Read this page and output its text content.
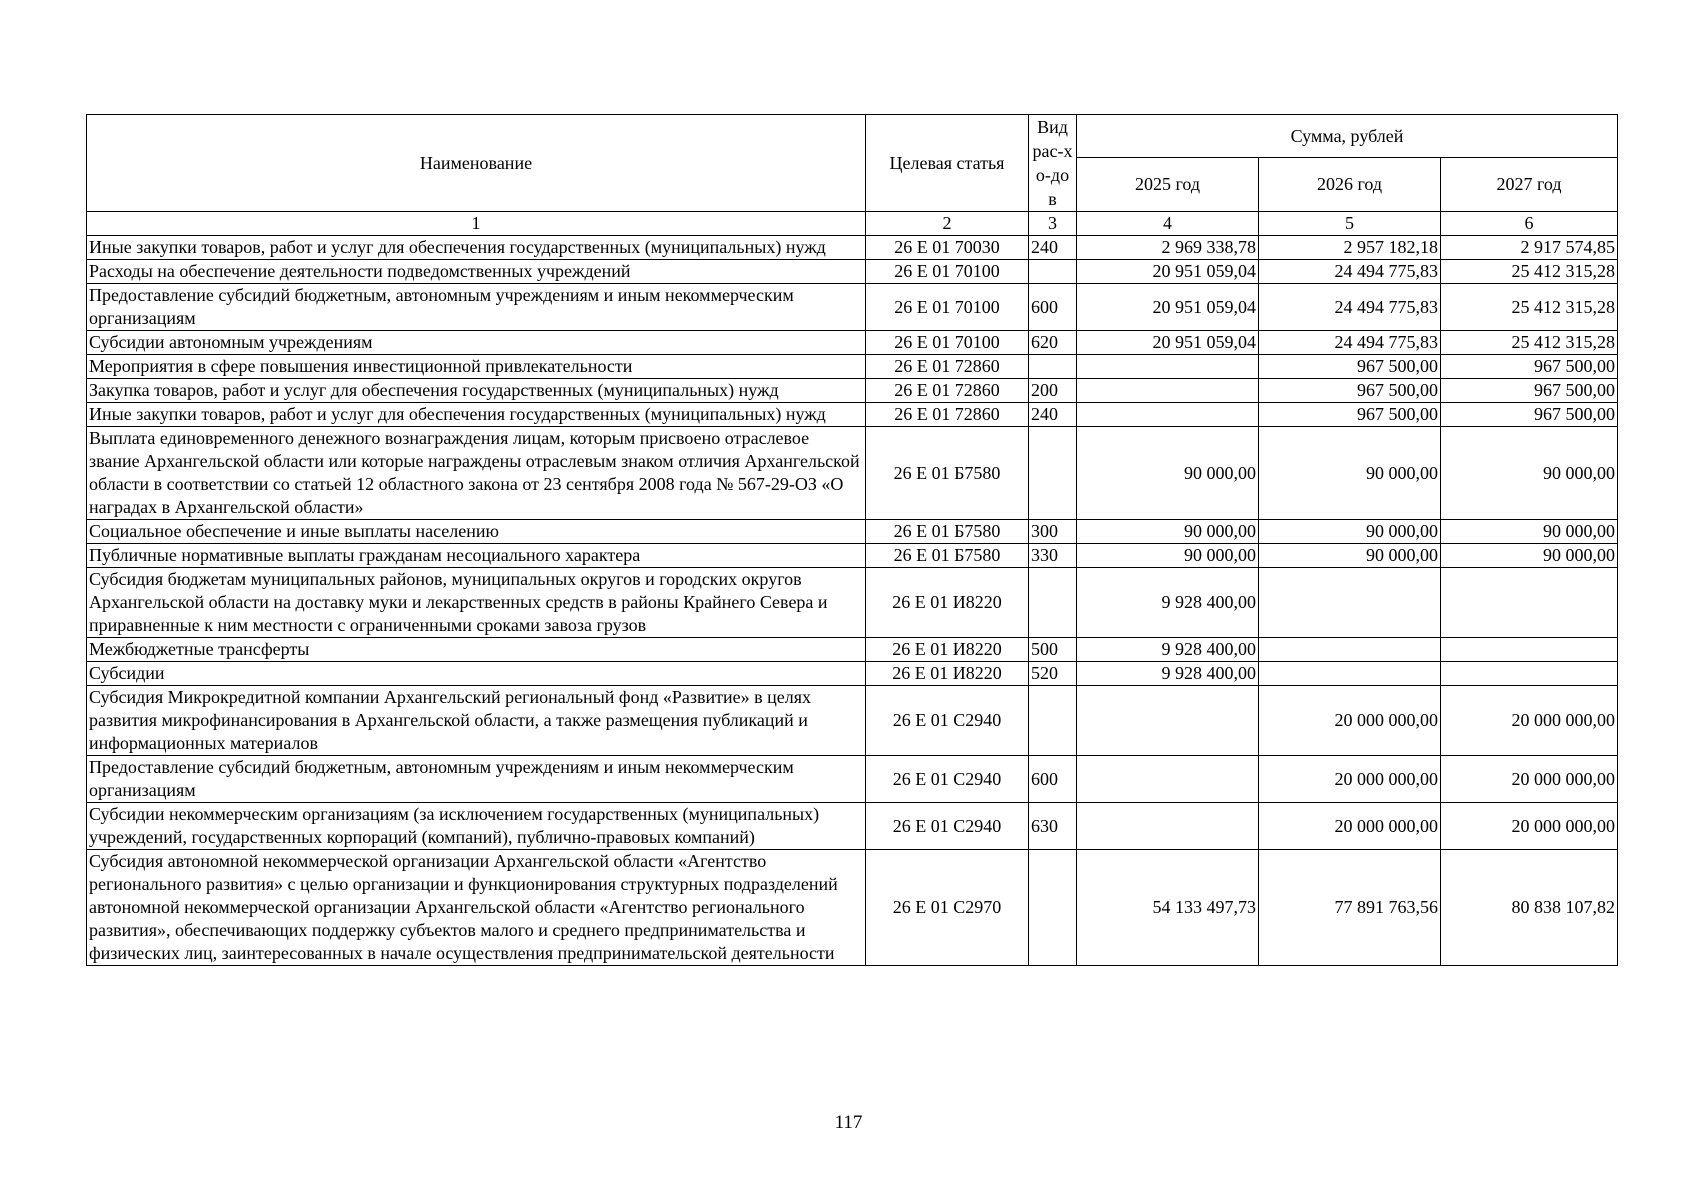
Наименование	Целевая статья	Вид рас-хо-дов	Сумма, рублей		
			2025 год	2026 год	2027 год
1	2	3	4	5	6
Иные закупки товаров, работ и услуг для обеспечения государственных (муниципальных) нужд	26 Е 01 70030	240	2 969 338,78	2 957 182,18	2 917 574,85
Расходы на обеспечение деятельности подведомственных учреждений	26 Е 01 70100		20 951 059,04	24 494 775,83	25 412 315,28
Предоставление субсидий бюджетным, автономным учреждениям и иным некоммерческим организациям	26 Е 01 70100	600	20 951 059,04	24 494 775,83	25 412 315,28
Субсидии автономным учреждениям	26 Е 01 70100	620	20 951 059,04	24 494 775,83	25 412 315,28
Мероприятия в сфере повышения инвестиционной привлекательности	26 Е 01 72860			967 500,00	967 500,00
Закупка товаров, работ и услуг для обеспечения государственных (муниципальных) нужд	26 Е 01 72860	200		967 500,00	967 500,00
Иные закупки товаров, работ и услуг для обеспечения государственных (муниципальных) нужд	26 Е 01 72860	240		967 500,00	967 500,00
Выплата единовременного денежного вознаграждения лицам, которым присвоено отраслевое звание Архангельской области или которые награждены отраслевым знаком отличия Архангельской области в соответствии со статьей 12 областного закона от 23 сентября 2008 года № 567-29-ОЗ «О наградах в Архангельской области»	26 Е 01 Б7580		90 000,00	90 000,00	90 000,00
Социальное обеспечение и иные выплаты населению	26 Е 01 Б7580	300	90 000,00	90 000,00	90 000,00
Публичные нормативные выплаты гражданам несоциального характера	26 Е 01 Б7580	330	90 000,00	90 000,00	90 000,00
Субсидия бюджетам муниципальных районов, муниципальных округов и городских округов Архангельской области на доставку муки и лекарственных средств в районы Крайнего Севера и приравненные к ним местности с ограниченными сроками завоза грузов	26 Е 01 И8220		9 928 400,00		
Межбюджетные трансферты	26 Е 01 И8220	500	9 928 400,00		
Субсидии	26 Е 01 И8220	520	9 928 400,00		
Субсидия Микрокредитной компании Архангельский региональный фонд «Развитие» в целях развития микрофинансирования в Архангельской области, а также размещения публикаций и информационных материалов	26 Е 01 С2940			20 000 000,00	20 000 000,00
Предоставление субсидий бюджетным, автономным учреждениям и иным некоммерческим организациям	26 Е 01 С2940	600		20 000 000,00	20 000 000,00
Субсидии некоммерческим организациям (за исключением государственных (муниципальных) учреждений, государственных корпораций (компаний), публично-правовых компаний)	26 Е 01 С2940	630		20 000 000,00	20 000 000,00
Субсидия автономной некоммерческой организации Архангельской области «Агентство регионального развития» с целью организации и функционирования структурных подразделений автономной некоммерческой организации Архангельской области «Агентство регионального развития», обеспечивающих поддержку субъектов малого и среднего предпринимательства и физических лиц, заинтересованных в начале осуществления предпринимательской деятельности	26 Е 01 С2970		54 133 497,73	77 891 763,56	80 838 107,82
117
